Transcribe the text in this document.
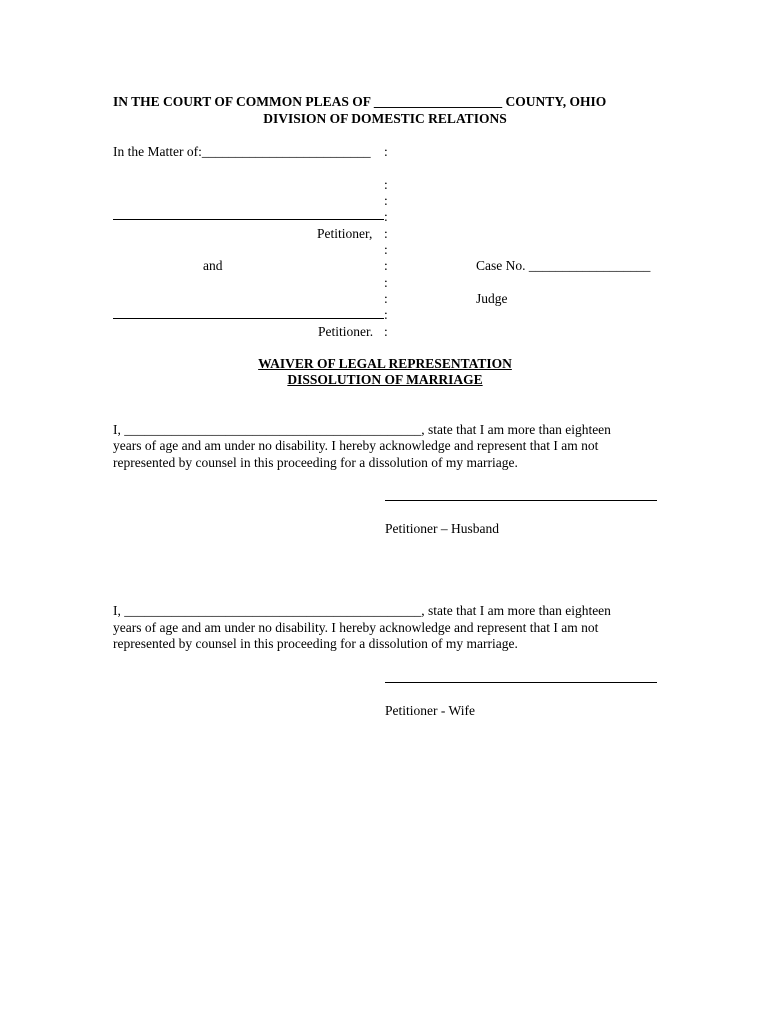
IN THE COURT OF COMMON PLEAS OF ___________________ COUNTY, OHIO
DIVISION OF DOMESTIC RELATIONS
In the Matter of:_________________________
Petitioner,
and
Petitioner.
:
:
:
:
:
:
:
:
:
:
:
Case No. __________________
Judge
WAIVER OF LEGAL REPRESENTATION
DISSOLUTION OF MARRIAGE
I, ____________________________________________, state that I am more than eighteen
years of age and am under no disability. I hereby acknowledge and represent that I am not
represented by counsel in this proceeding for a dissolution of my marriage.
Petitioner – Husband
I, ____________________________________________, state that I am more than eighteen
years of age and am under no disability. I hereby acknowledge and represent that I am not
represented by counsel in this proceeding for a dissolution of my marriage.
Petitioner - Wife
